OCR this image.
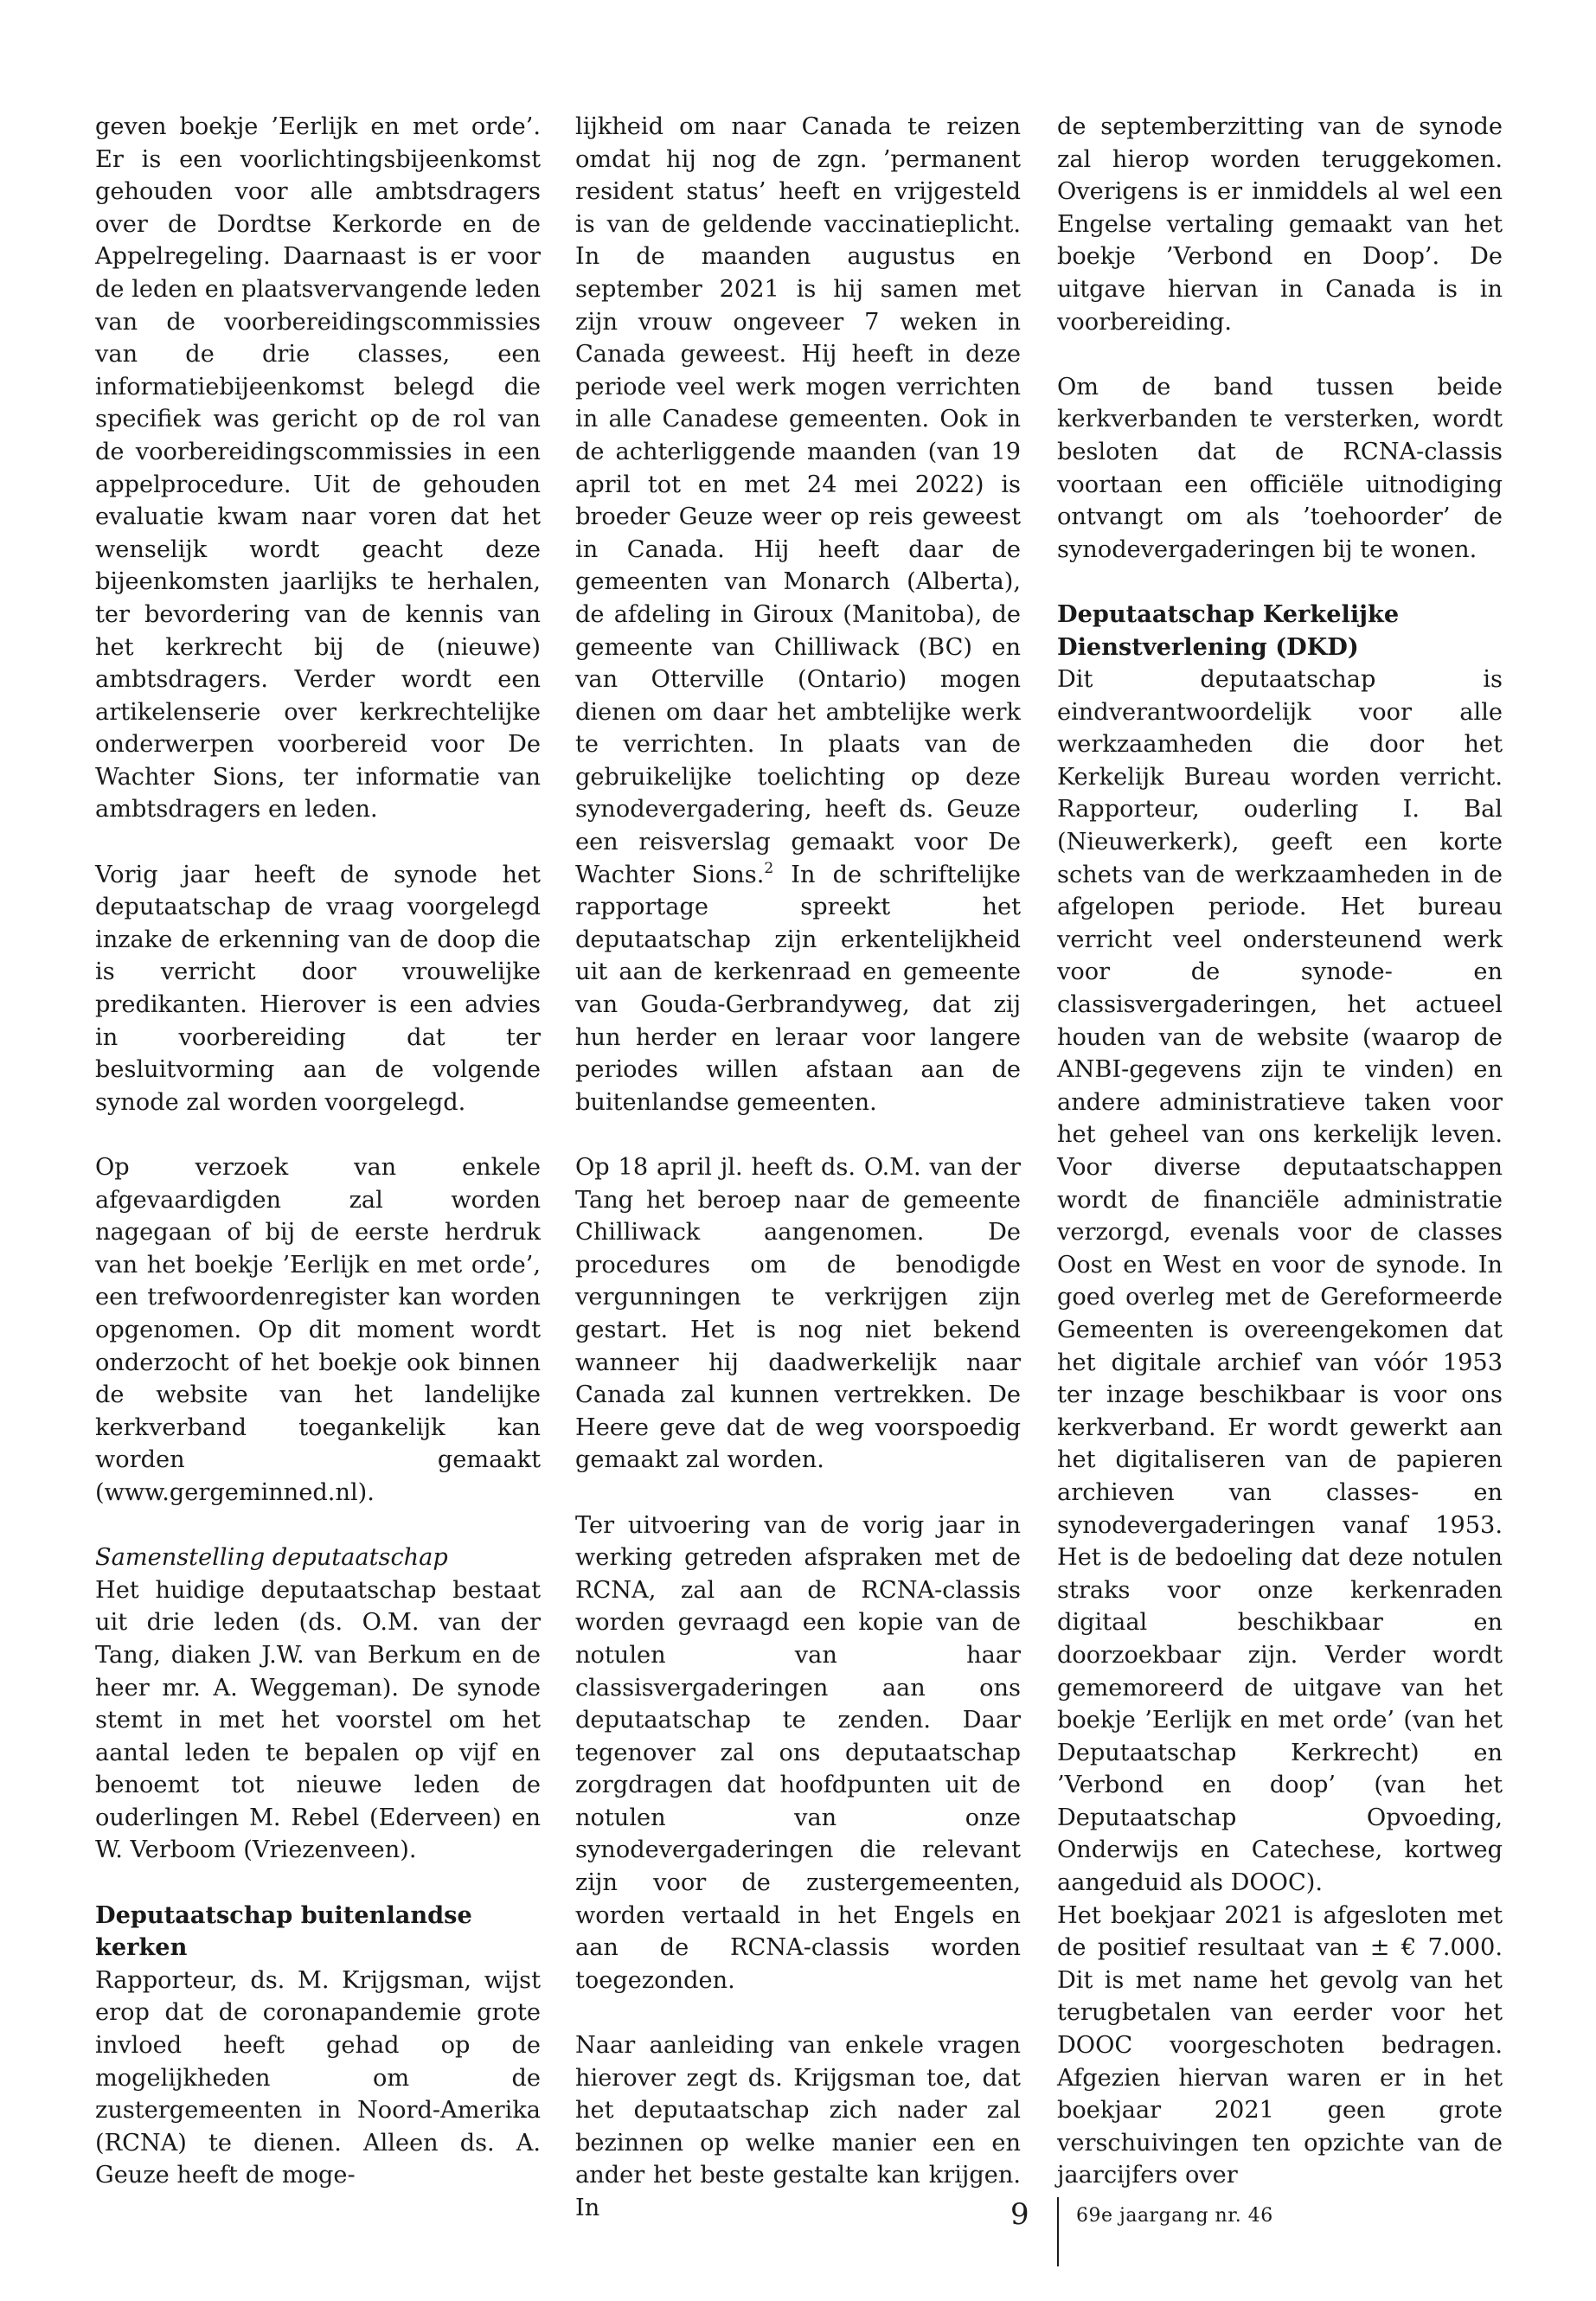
geven boekje ’Eerlijk en met orde’. Er is een voorlichtingsbijeenkomst gehouden voor alle ambtsdragers over de Dordtse Kerkorde en de Appelregeling. Daarnaast is er voor de leden en plaatsvervangende leden van de voorbereidingscommissies van de drie classes, een informatiebijeenkomst belegd die specifiek was gericht op de rol van de voorbereidingscommissies in een appelprocedure. Uit de gehouden evaluatie kwam naar voren dat het wenselijk wordt geacht deze bijeenkomsten jaarlijks te herhalen, ter bevordering van de kennis van het kerkrecht bij de (nieuwe) ambtsdragers. Verder wordt een artikelenserie over kerkrechtelijke onderwerpen voorbereid voor De Wachter Sions, ter informatie van ambtsdragers en leden.

Vorig jaar heeft de synode het deputaatschap de vraag voorgelegd inzake de erkenning van de doop die is verricht door vrouwelijke predikanten. Hierover is een advies in voorbereiding dat ter besluitvorming aan de volgende synode zal worden voorgelegd.

Op verzoek van enkele afgevaardigden zal worden nagegaan of bij de eerste herdruk van het boekje ’Eerlijk en met orde’, een trefwoordenregister kan worden opgenomen. Op dit moment wordt onderzocht of het boekje ook binnen de website van het landelijke kerkverband toegankelijk kan worden gemaakt (www.gergeminned.nl).

Samenstelling deputaatschap

Het huidige deputaatschap bestaat uit drie leden (ds. O.M. van der Tang, diaken J.W. van Berkum en de heer mr. A. Weggeman). De synode stemt in met het voorstel om het aantal leden te bepalen op vijf en benoemt tot nieuwe leden de ouderlingen M. Rebel (Ederveen) en W. Verboom (Vriezenveen).

Deputaatschap buitenlandse kerken

Rapporteur, ds. M. Krijgsman, wijst erop dat de coronapandemie grote invloed heeft gehad op de mogelijkheden om de zustergemeenten in Noord-Amerika (RCNA) te dienen. Alleen ds. A. Geuze heeft de moge-

lijkheid om naar Canada te reizen omdat hij nog de zgn. ’permanent resident status’ heeft en vrijgesteld is van de geldende vaccinatieplicht. In de maanden augustus en september 2021 is hij samen met zijn vrouw ongeveer 7 weken in Canada geweest. Hij heeft in deze periode veel werk mogen verrichten in alle Canadese gemeenten. Ook in de achterliggende maanden (van 19 april tot en met 24 mei 2022) is broeder Geuze weer op reis geweest in Canada. Hij heeft daar de gemeenten van Monarch (Alberta), de afdeling in Giroux (Manitoba), de gemeente van Chilliwack (BC) en van Otterville (Ontario) mogen dienen om daar het ambtelijke werk te verrichten. In plaats van de gebruikelijke toelichting op deze synodevergadering, heeft ds. Geuze een reisverslag gemaakt voor De Wachter Sions.$^2$ In de schriftelijke rapportage spreekt het deputaatschap zijn erkentelijkheid uit aan de kerkenraad en gemeente van Gouda-Gerbrandyweg, dat zij hun herder en leraar voor langere periodes willen afstaan aan de buitenlandse gemeenten.

Op 18 april jl. heeft ds. O.M. van der Tang het beroep naar de gemeente Chilliwack aangenomen. De procedures om de benodigde vergunningen te verkrijgen zijn gestart. Het is nog niet bekend wanneer hij daadwerkelijk naar Canada zal kunnen vertrekken. De Heere geve dat de weg voorspoedig gemaakt zal worden.

Ter uitvoering van de vorig jaar in werking getreden afspraken met de RCNA, zal aan de RCNA-classis worden gevraagd een kopie van de notulen van haar classisvergaderingen aan ons deputaatschap te zenden. Daar tegenover zal ons deputaatschap zorgdragen dat hoofdpunten uit de notulen van onze synodevergaderingen die relevant zijn voor de zustergemeenten, worden vertaald in het Engels en aan de RCNA-classis worden toegezonden.

Naar aanleiding van enkele vragen hierover zegt ds. Krijgsman toe, dat het deputaatschap zich nader zal bezinnen op welke manier een en ander het beste gestalte kan krijgen. In

de septemberzitting van de synode zal hierop worden teruggekomen. Overigens is er inmiddels al wel een Engelse vertaling gemaakt van het boekje ’Verbond en Doop’. De uitgave hiervan in Canada is in voorbereiding.

Om de band tussen beide kerkverbanden te versterken, wordt besloten dat de RCNA-classis voortaan een officiële uitnodiging ontvangt om als ’toehoorder’ de synodevergaderingen bij te wonen.

Deputaatschap Kerkelijke Dienstverlening (DKD)

Dit deputaatschap is eindverantwoordelijk voor alle werkzaamheden die door het Kerkelijk Bureau worden verricht. Rapporteur, ouderling I. Bal (Nieuwerkerk), geeft een korte schets van de werkzaamheden in de afgelopen periode. Het bureau verricht veel ondersteunend werk voor de synode- en classisvergaderingen, het actueel houden van de website (waarop de ANBI-gegevens zijn te vinden) en andere administratieve taken voor het geheel van ons kerkelijk leven. Voor diverse deputaatschappen wordt de financiële administratie verzorgd, evenals voor de classes Oost en West en voor de synode. In goed overleg met de Gereformeerde Gemeenten is overeengekomen dat het digitale archief van vóór 1953 ter inzage beschikbaar is voor ons kerkverband. Er wordt gewerkt aan het digitaliseren van de papieren archieven van classes- en synodevergaderingen vanaf 1953. Het is de bedoeling dat deze notulen straks voor onze kerkenraden digitaal beschikbaar en doorzoekbaar zijn. Verder wordt gememoreerd de uitgave van het boekje ’Eerlijk en met orde’ (van het Deputaatschap Kerkrecht) en ’Verbond en doop’ (van het Deputaatschap Opvoeding, Onderwijs en Catechese, kortweg aangeduid als DOOC).

Het boekjaar 2021 is afgesloten met de positief resultaat van ± € 7.000. Dit is met name het gevolg van het terugbetalen van eerder voor het DOOC voorgeschoten bedragen. Afgezien hiervan waren er in het boekjaar 2021 geen grote verschuivingen ten opzichte van de jaarcijfers over

9 69e jaargang nr. 46
